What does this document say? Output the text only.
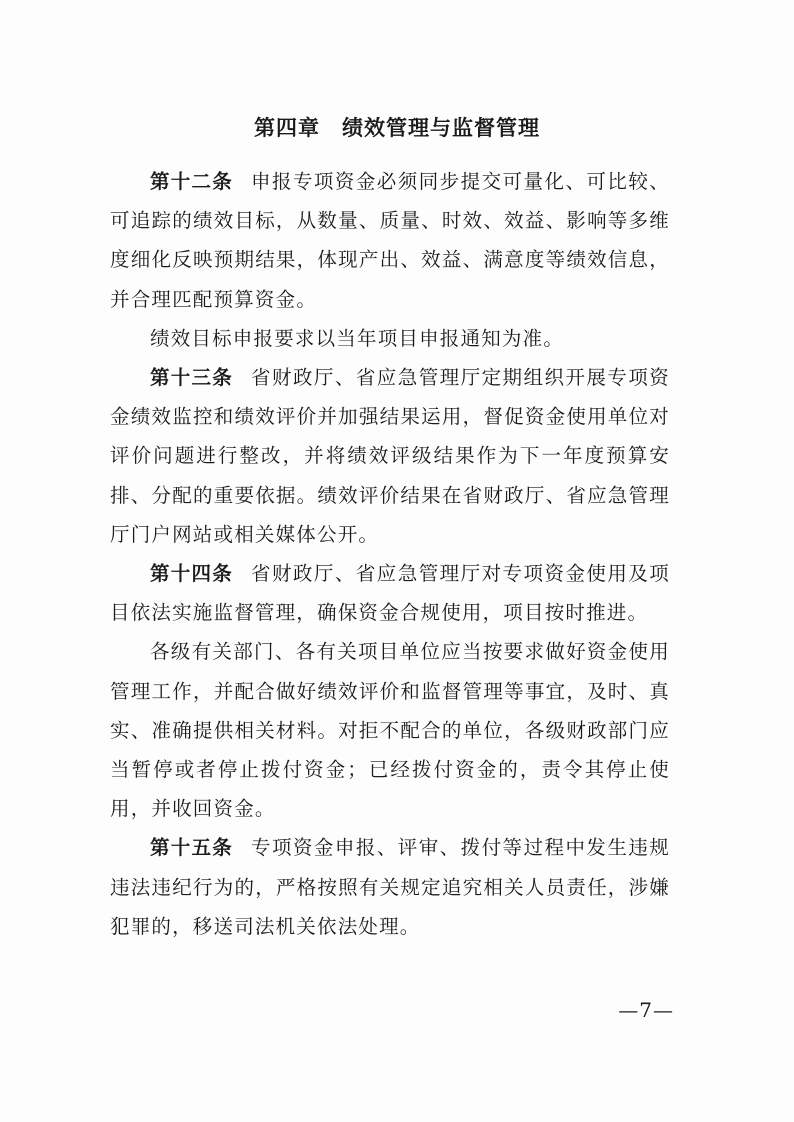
第四章　绩效管理与监督管理

第十二条 申报专项资金必须同步提交可量化、可比较、可追踪的绩效目标，从数量、质量、时效、效益、影响等多维度细化反映预期结果，体现产出、效益、满意度等绩效信息，并合理匹配预算资金。

绩效目标申报要求以当年项目申报通知为准。

第十三条 省财政厅、省应急管理厅定期组织开展专项资金绩效监控和绩效评价并加强结果运用，督促资金使用单位对评价问题进行整改，并将绩效评级结果作为下一年度预算安排、分配的重要依据。绩效评价结果在省财政厅、省应急管理厅门户网站或相关媒体公开。

第十四条 省财政厅、省应急管理厅对专项资金使用及项目依法实施监督管理，确保资金合规使用，项目按时推进。

各级有关部门、各有关项目单位应当按要求做好资金使用管理工作，并配合做好绩效评价和监督管理等事宜，及时、真实、准确提供相关材料。对拒不配合的单位，各级财政部门应当暂停或者停止拨付资金；已经拨付资金的，责令其停止使用，并收回资金。

第十五条 专项资金申报、评审、拨付等过程中发生违规违法违纪行为的，严格按照有关规定追究相关人员责任，涉嫌犯罪的，移送司法机关依法处理。

—7—
